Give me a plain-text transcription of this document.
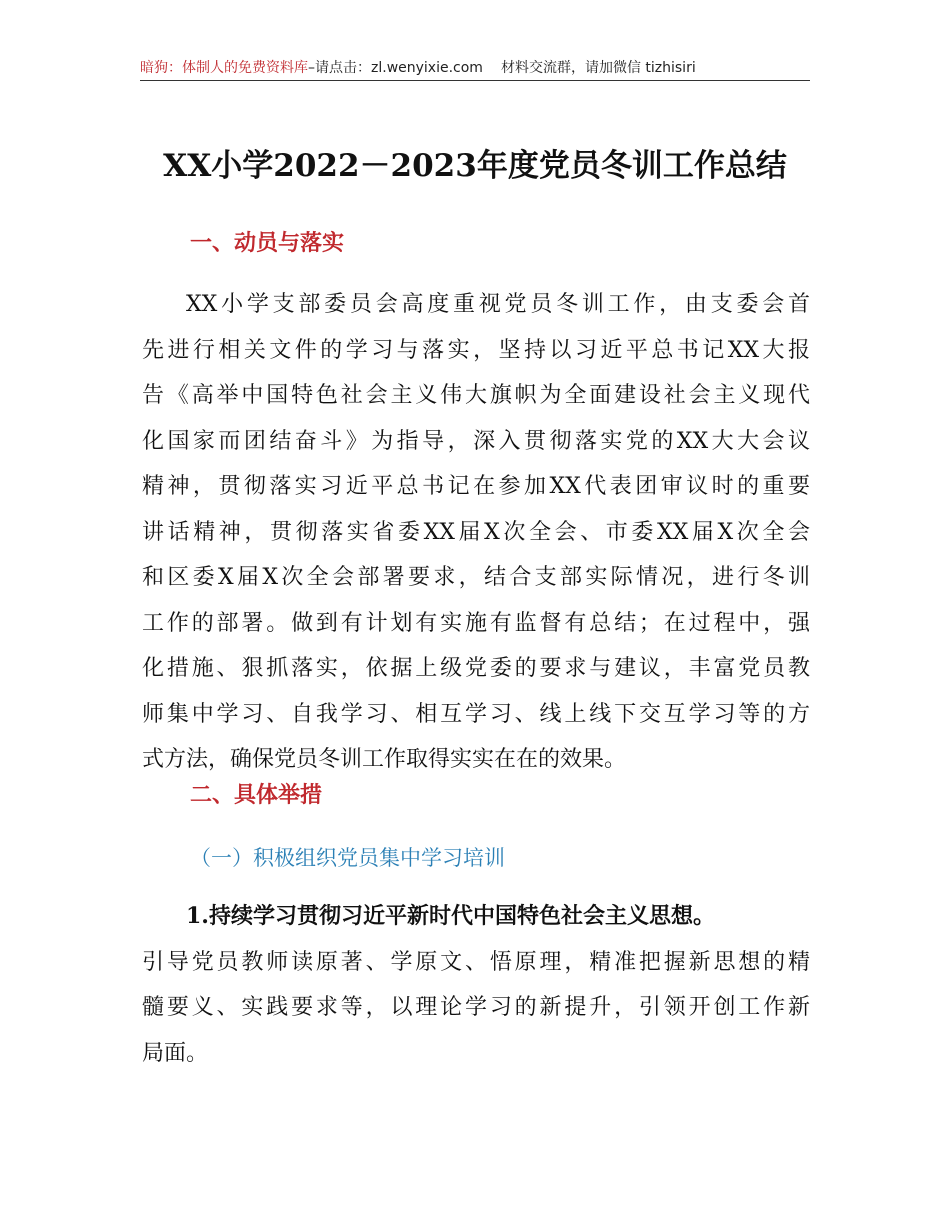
暗狗：体制人的免费资料库–请点击：zl.wenyixie.com 材料交流群，请加微信 tizhisiri
XX小学2022－2023年度党员冬训工作总结
一、动员与落实
XX小学支部委员会高度重视党员冬训工作，由支委会首
先进行相关文件的学习与落实，坚持以习近平总书记XX大报
告《高举中国特色社会主义伟大旗帜为全面建设社会主义现代
化国家而团结奋斗》为指导，深入贯彻落实党的XX大大会议
精神，贯彻落实习近平总书记在参加XX代表团审议时的重要
讲话精神，贯彻落实省委XX届X次全会、市委XX届X次全会
和区委X届X次全会部署要求，结合支部实际情况，进行冬训
工作的部署。做到有计划有实施有监督有总结；在过程中，强
化措施、狠抓落实，依据上级党委的要求与建议，丰富党员教
师集中学习、自我学习、相互学习、线上线下交互学习等的方
式方法，确保党员冬训工作取得实实在在的效果。
二、具体举措
（一）积极组织党员集中学习培训
1.持续学习贯彻习近平新时代中国特色社会主义思想。
引导党员教师读原著、学原文、悟原理，精准把握新思想的精
髓要义、实践要求等，以理论学习的新提升，引领开创工作新
局面。
